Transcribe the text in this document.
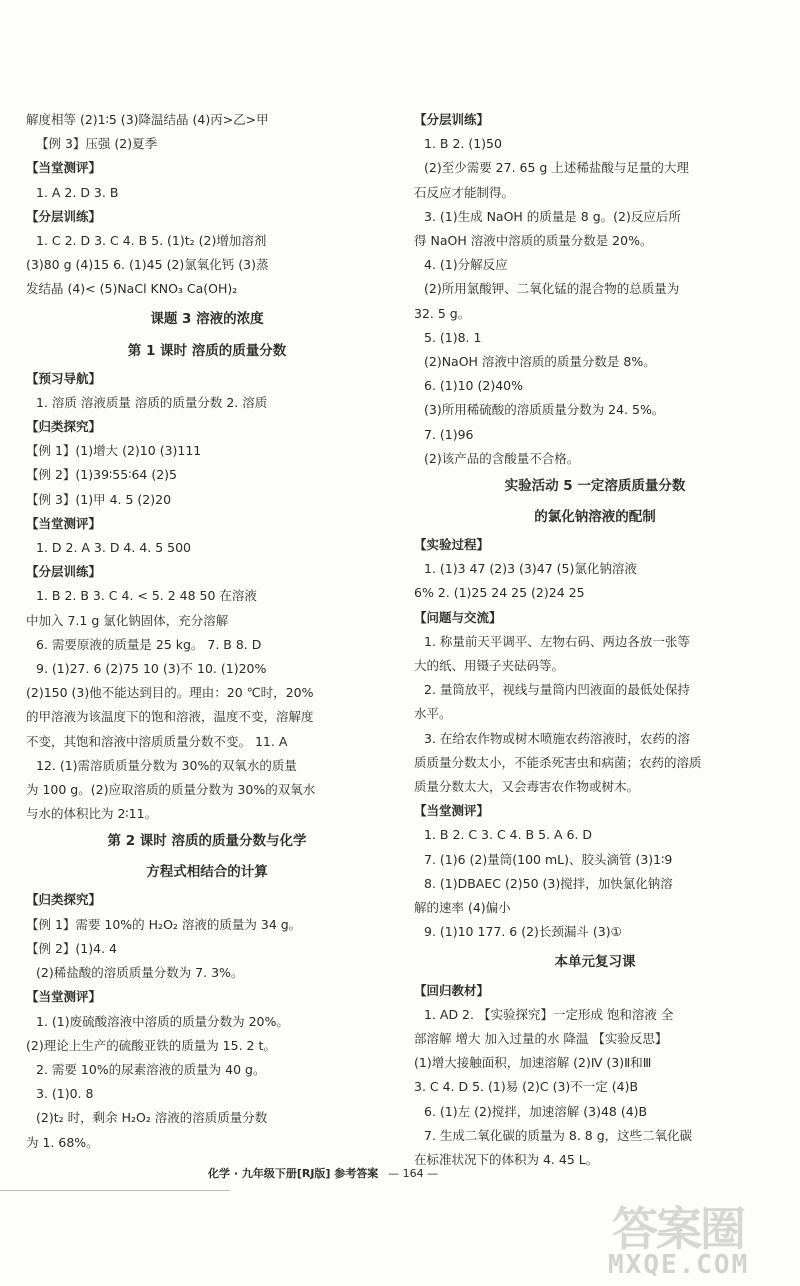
解度相等 (2)1∶5 (3)降温结晶 (4)丙>乙>甲
【例 3】压强 (2)夏季
【当堂测评】
1. A 2. D 3. B
【分层训练】
1. C 2. D 3. C 4. B 5. (1)t₂ (2)增加溶剂
(3)80 g (4)15 6. (1)45 (2)氯氧化钙 (3)蒸
发结晶 (4)< (5)NaCl KNO₃ Ca(OH)₂
课题 3 溶液的浓度
第 1 课时 溶质的质量分数
【预习导航】
1. 溶质 溶液质量 溶质的质量分数 2. 溶质
【归类探究】
【例 1】(1)增大 (2)10 (3)111
【例 2】(1)39∶55∶64 (2)5
【例 3】(1)甲 4. 5 (2)20
【当堂测评】
1. D 2. A 3. D 4. 4. 5 500
【分层训练】
1. B 2. B 3. C 4. < 5. 2 48 50 在溶液
中加入 7.1 g 氯化钠固体，充分溶解
6. 需要原液的质量是 25 kg。 7. B 8. D
9. (1)27. 6 (2)75 10 (3)不 10. (1)20%
(2)150 (3)他不能达到目的。理由：20 ℃时，20%
的甲溶液为该温度下的饱和溶液，温度不变，溶解度
不变，其饱和溶液中溶质质量分数不变。 11. A
12. (1)需溶质质量分数为 30%的双氧水的质量
为 100 g。(2)应取溶质的质量分数为 30%的双氧水
与水的体积比为 2∶11。
第 2 课时 溶质的质量分数与化学
方程式相结合的计算
【归类探究】
【例 1】需要 10%的 H₂O₂ 溶液的质量为 34 g。
【例 2】(1)4. 4
(2)稀盐酸的溶质质量分数为 7. 3%。
【当堂测评】
1. (1)废硫酸溶液中溶质的质量分数为 20%。
(2)理论上生产的硫酸亚铁的质量为 15. 2 t。
2. 需要 10%的尿素溶液的质量为 40 g。
3. (1)0. 8
(2)t₂ 时，剩余 H₂O₂ 溶液的溶质质量分数
为 1. 68%。
【分层训练】
1. B 2. (1)50
(2)至少需要 27. 65 g 上述稀盐酸与足量的大理
石反应才能制得。
3. (1)生成 NaOH 的质量是 8 g。(2)反应后所
得 NaOH 溶液中溶质的质量分数是 20%。
4. (1)分解反应
(2)所用氯酸钾、二氧化锰的混合物的总质量为
32. 5 g。
5. (1)8. 1
(2)NaOH 溶液中溶质的质量分数是 8%。
6. (1)10 (2)40%
(3)所用稀硫酸的溶质质量分数为 24. 5%。
7. (1)96
(2)该产品的含酸量不合格。
实验活动 5 一定溶质质量分数
的氯化钠溶液的配制
【实验过程】
1. (1)3 47 (2)3 (3)47 (5)氯化钠溶液
6% 2. (1)25 24 25 (2)24 25
【问题与交流】
1. 称量前天平调平、左物右码、两边各放一张等
大的纸、用镊子夹砝码等。
2. 量筒放平，视线与量筒内凹液面的最低处保持
水平。
3. 在给农作物或树木喷施农药溶液时，农药的溶
质质量分数太小，不能杀死害虫和病菌；农药的溶质
质量分数太大，又会毒害农作物或树木。
【当堂测评】
1. B 2. C 3. C 4. B 5. A 6. D
7. (1)6 (2)量筒(100 mL)、胶头滴管 (3)1∶9
8. (1)DBAEC (2)50 (3)搅拌，加快氯化钠溶
解的速率 (4)偏小
9. (1)10 177. 6 (2)长颈漏斗 (3)①
本单元复习课
【回归教材】
1. AD 2. 【实验探究】一定形成 饱和溶液 全
部溶解 增大 加入过量的水 降温 【实验反思】
(1)增大接触面积，加速溶解 (2)Ⅳ (3)Ⅱ和Ⅲ
3. C 4. D 5. (1)易 (2)C (3)不一定 (4)B
6. (1)左 (2)搅拌，加速溶解 (3)48 (4)B
7. 生成二氧化碳的质量为 8. 8 g，这些二氧化碳
在标准状况下的体积为 4. 45 L。
化学 · 九年级下册[RJ版] 参考答案 — 164 —
答案圈
MXQE.COM
